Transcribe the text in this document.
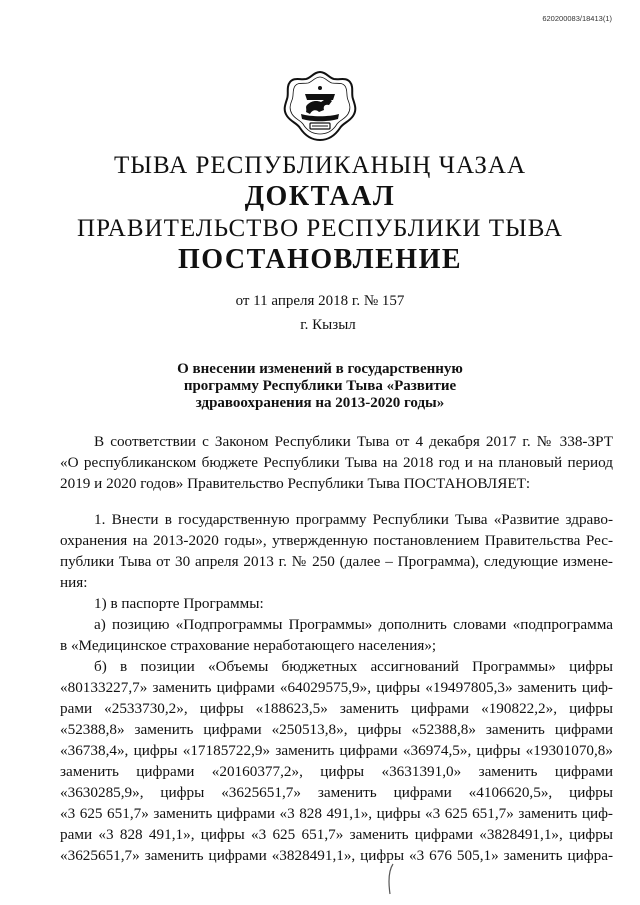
620200083/18413(1)
ТЫВА РЕСПУБЛИКАНЫҢ ЧАЗАА
ДОКТААЛ
ПРАВИТЕЛЬСТВО РЕСПУБЛИКИ ТЫВА
ПОСТАНОВЛЕНИЕ
от 11 апреля 2018 г. № 157
г. Кызыл
О внесении изменений в государственную
программу Республики Тыва «Развитие
здравоохранения на 2013-2020 годы»
В соответствии с Законом Республики Тыва от 4 декабря 2017 г. № 338-ЗРТ
«О республиканском бюджете Республики Тыва на 2018 год и на плановый период
2019 и 2020 годов» Правительство Республики Тыва ПОСТАНОВЛЯЕТ:
1. Внести в государственную программу Республики Тыва «Развитие здраво-
охранения на 2013-2020 годы», утвержденную постановлением Правительства Рес-
публики Тыва от 30 апреля 2013 г. № 250 (далее – Программа), следующие измене-
ния:
1) в паспорте Программы:
а) позицию «Подпрограммы Программы» дополнить словами «подпрограмма
в «Медицинское страхование неработающего населения»;
б) в позиции «Объемы бюджетных ассигнований Программы» цифры
«80133227,7» заменить цифрами «64029575,9», цифры «19497805,3» заменить циф-
рами «2533730,2», цифры «188623,5» заменить цифрами «190822,2», цифры
«52388,8» заменить цифрами «250513,8», цифры «52388,8» заменить цифрами
«36738,4», цифры «17185722,9» заменить цифрами «36974,5», цифры «19301070,8»
заменить цифрами «20160377,2», цифры «3631391,0» заменить цифрами
«3630285,9», цифры «3625651,7» заменить цифрами «4106620,5», цифры
«3 625 651,7» заменить цифрами «3 828 491,1», цифры «3 625 651,7» заменить циф-
рами «3 828 491,1», цифры «3 625 651,7» заменить цифрами «3828491,1», цифры
«3625651,7» заменить цифрами «3828491,1», цифры «3 676 505,1» заменить цифра-
